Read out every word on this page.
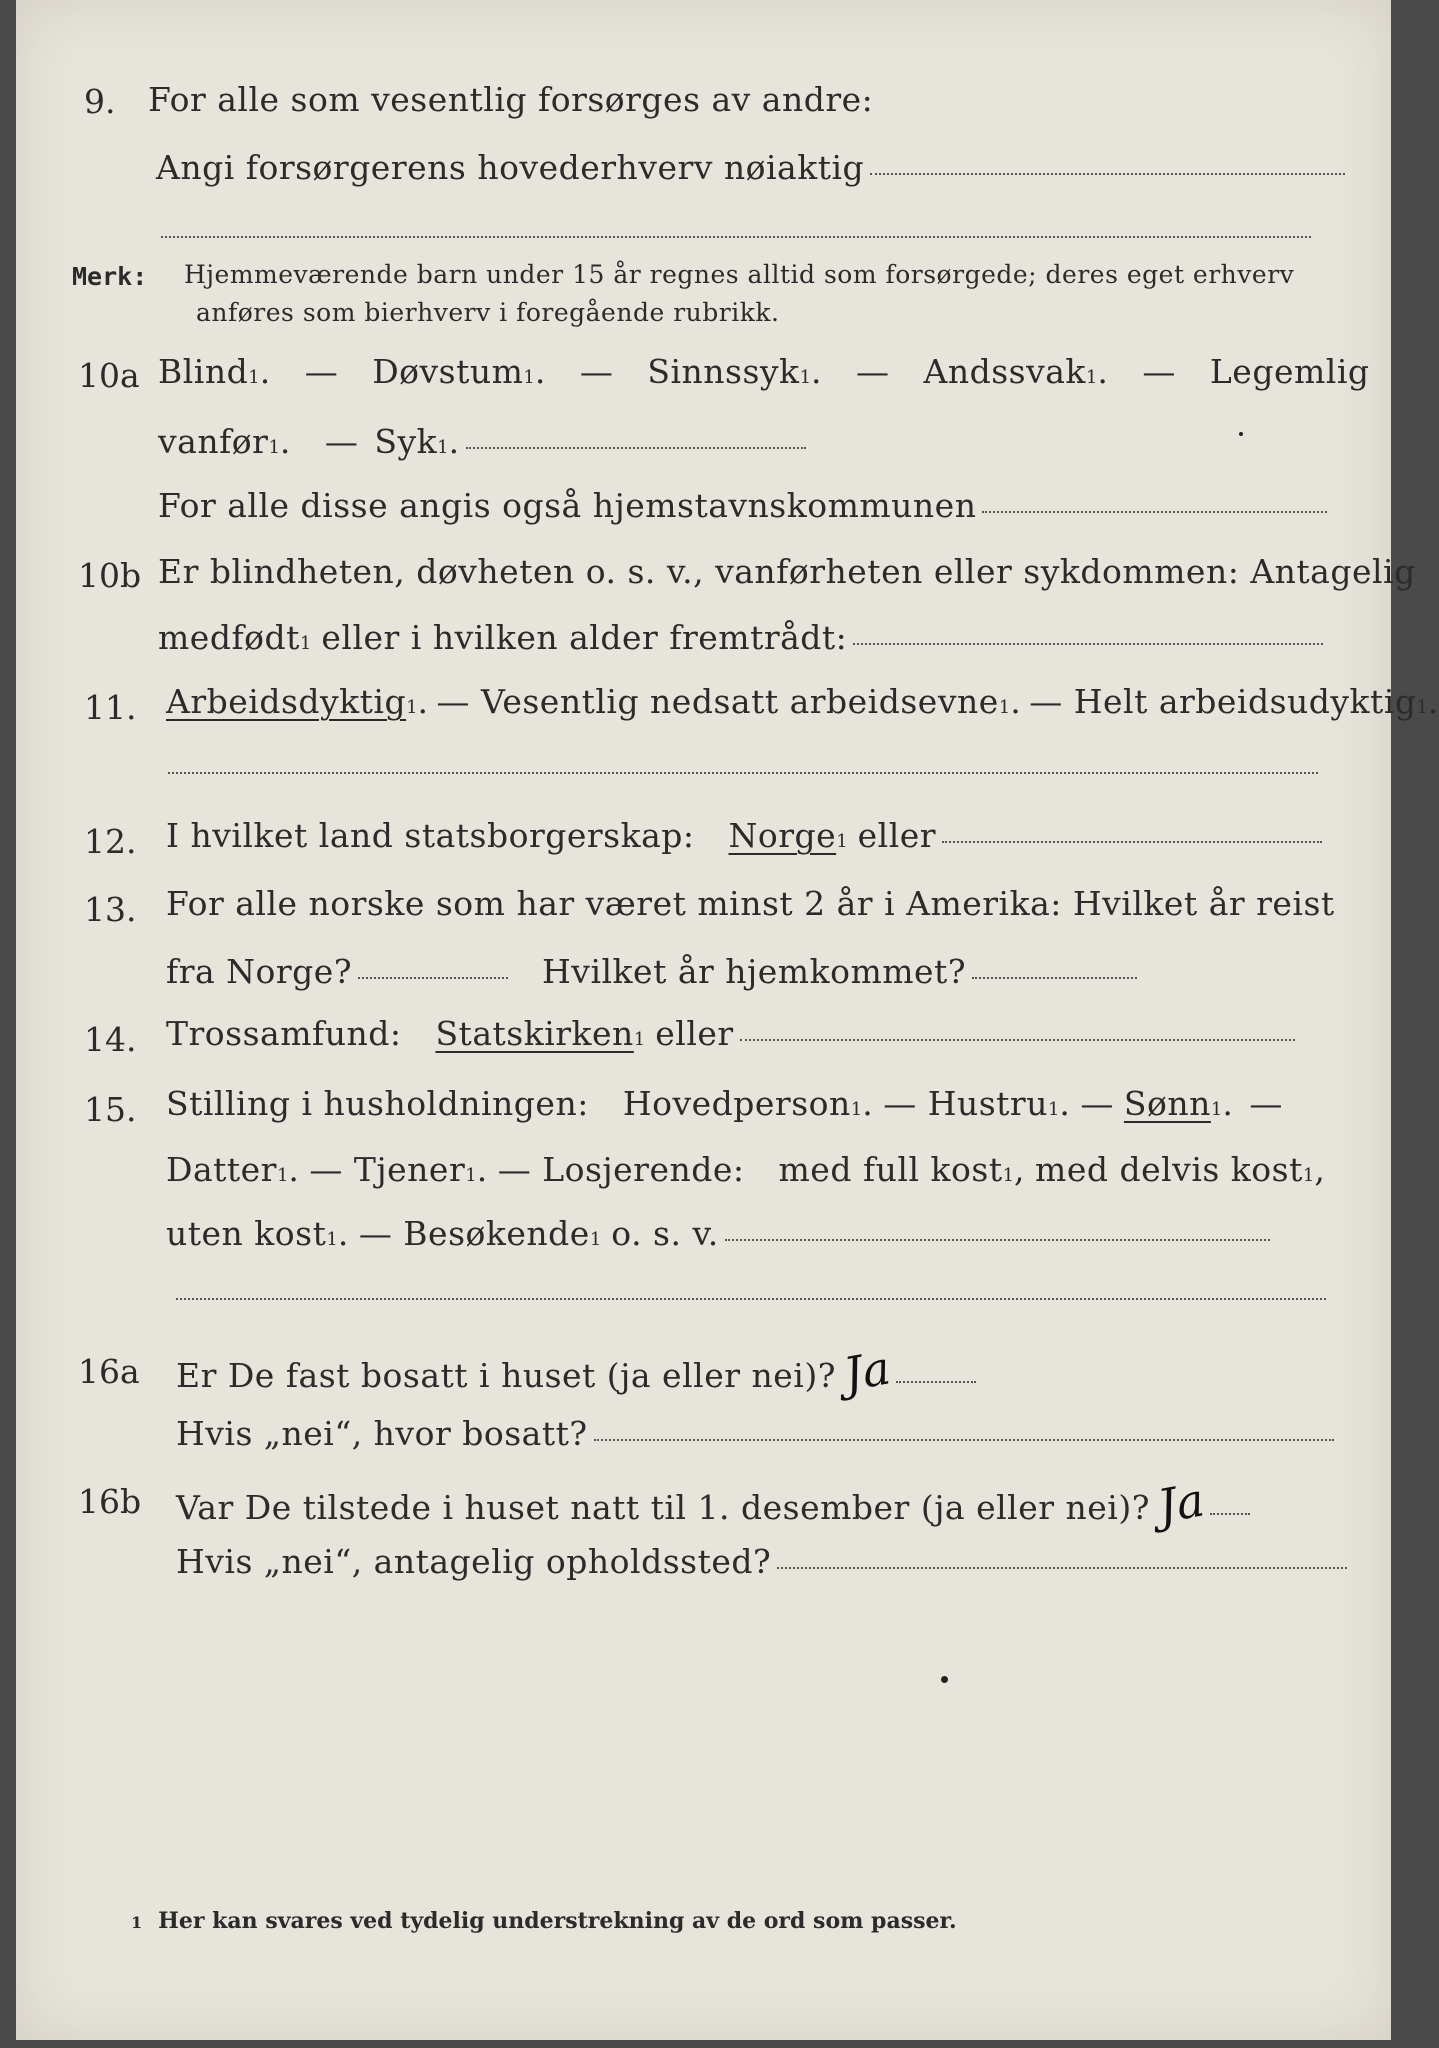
9. For alle som vesentlig forsørges av andre:
Angi forsørgerens hovederhverv nøiaktig
Merk: Hjemmeværende barn under 15 år regnes alltid som forsørgede; deres eget erhverv
anføres som bierhverv i foregående rubrikk.
10a Blind 1 . — Døvstum 1 . — Sinnssyk 1 . — Andssvak 1 . — Legemlig
vanfør 1 . — Syk 1 .
For alle disse angis også hjemstavnskommunen
10b Er blindheten, døvheten o. s. v., vanførheten eller sykdommen: Antagelig
medfødt 1 eller i hvilken alder fremtrådt:
11. Arbeidsdyktig 1 . — Vesentlig nedsatt arbeidsevne 1 . — Helt arbeidsudyktig 1 .
12. I hvilket land statsborgerskap: Norge 1 eller
13. For alle norske som har været minst 2 år i Amerika: Hvilket år reist
fra Norge?	Hvilket år hjemkommet?
14. Trossamfund: Statskirken 1 eller
15. Stilling i husholdningen: Hovedperson 1 . — Hustru 1 . — Sønn 1 . —
Datter 1 . — Tjener 1 . — Losjerende: med full kost 1 , med delvis kost 1 ,
uten kost 1 . — Besøkende 1 o. s. v.
16a Er De fast bosatt i huset (ja eller nei)? Ja
Hvis „nei“, hvor bosatt?
16b Var De tilstede i huset natt til 1. desember (ja eller nei)? Ja
Hvis „nei“, antagelig opholdssted?
1 Her kan svares ved tydelig understrekning av de ord som passer.
